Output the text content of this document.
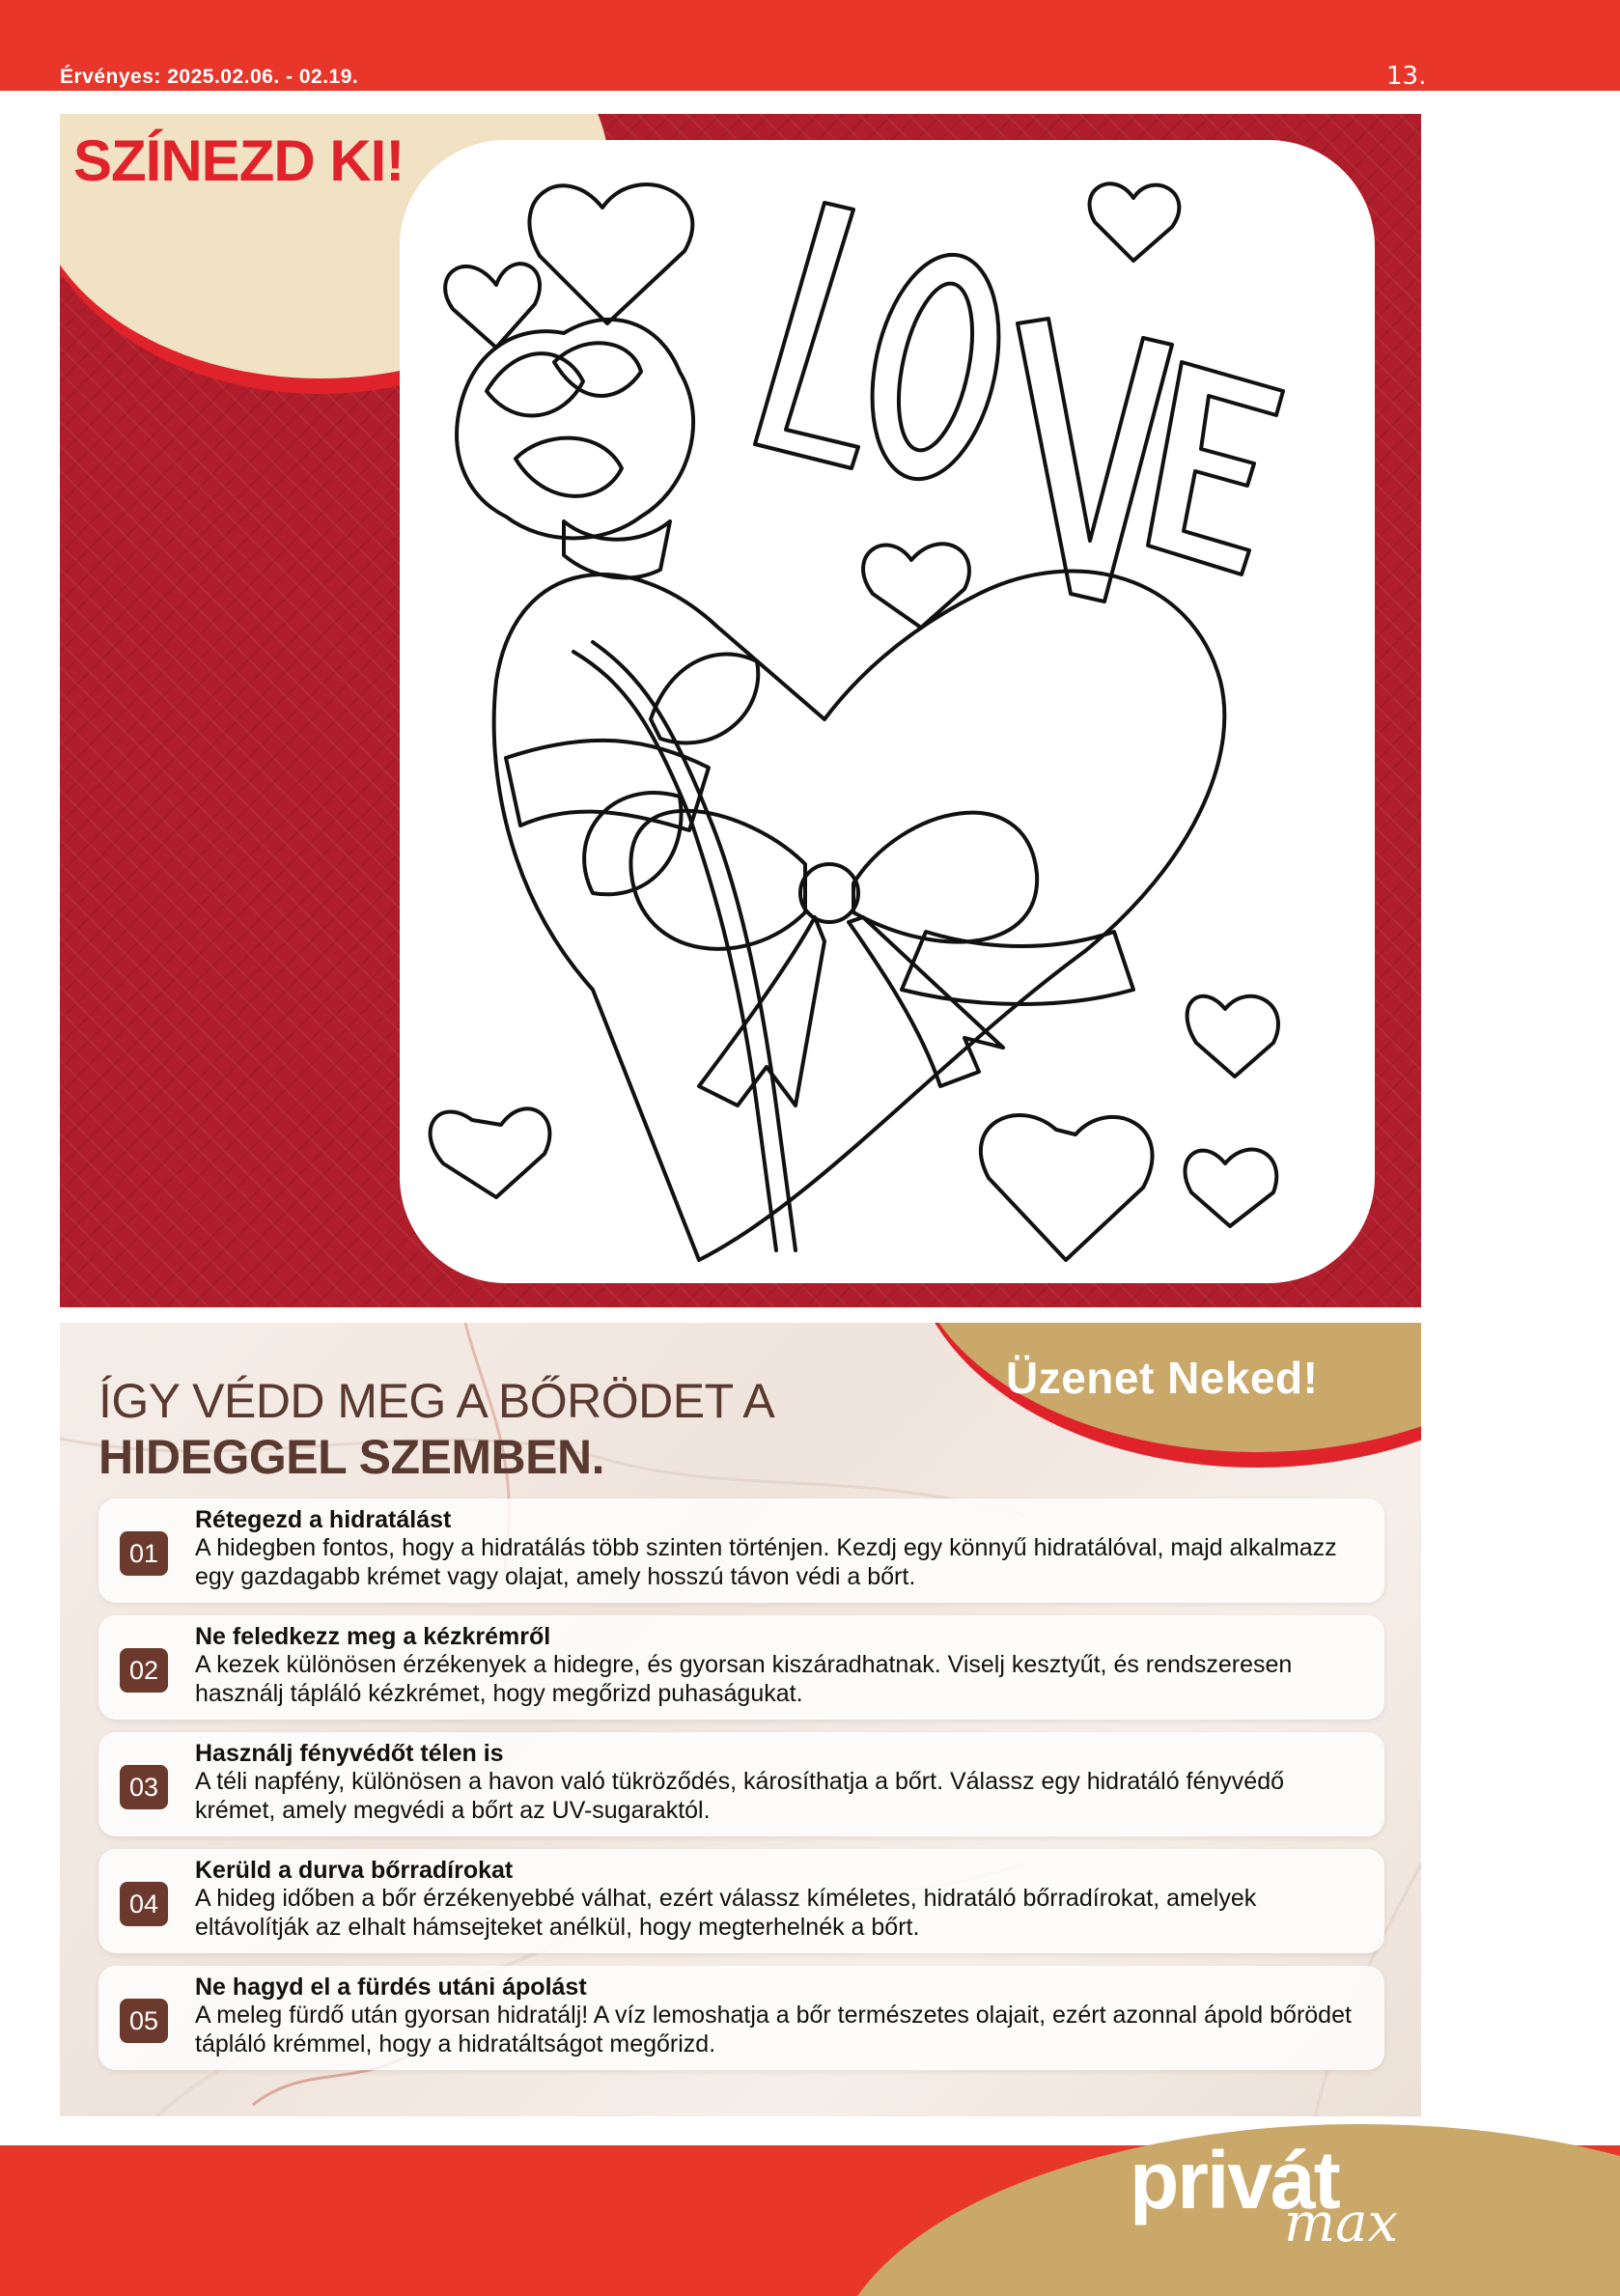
Érvényes: 2025.02.06. - 02.19.	13.
SZÍNEZD KI!
Üzenet Neked!
ÍGY VÉDD MEG A BŐRÖDET A
HIDEGGEL SZEMBEN.
01
Rétegezd a hidratálást
A hidegben fontos, hogy a hidratálás több szinten történjen. Kezdj egy könnyű hidratálóval, majd alkalmazz egy gazdagabb krémet vagy olajat, amely hosszú távon védi a bőrt.
02
Ne feledkezz meg a kézkrémről
A kezek különösen érzékenyek a hidegre, és gyorsan kiszáradhatnak. Viselj kesztyűt, és rendszeresen használj tápláló kézkrémet, hogy megőrizd puhaságukat.
03
Használj fényvédőt télen is
A téli napfény, különösen a havon való tükröződés, károsíthatja a bőrt. Válassz egy hidratáló fényvédő krémet, amely megvédi a bőrt az UV-sugaraktól.
04
Kerüld a durva bőrradírokat
A hideg időben a bőr érzékenyebbé válhat, ezért válassz kíméletes, hidratáló bőrradírokat, amelyek eltávolítják az elhalt hámsejteket anélkül, hogy megterhelnék a bőrt.
05
Ne hagyd el a fürdés utáni ápolást
A meleg fürdő után gyorsan hidratálj! A víz lemoshatja a bőr természetes olajait, ezért azonnal ápold bőrödet tápláló krémmel, hogy a hidratáltságot megőrizd.
privát
max
